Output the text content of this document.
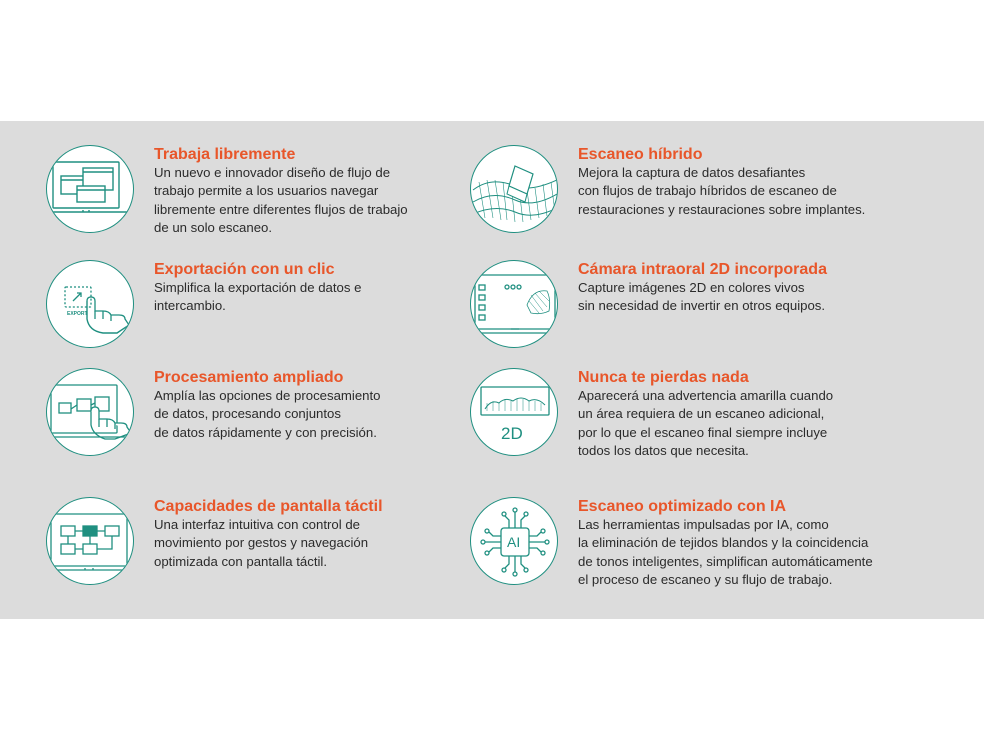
Trabaja libremente

Un nuevo e innovador diseño de flujo de
trabajo permite a los usuarios navegar
libremente entre diferentes flujos de trabajo
de un solo escaneo.

Escaneo híbrido

Mejora la captura de datos desafiantes
con flujos de trabajo híbridos de escaneo de
restauraciones y restauraciones sobre implantes.

EXPORT
Exportación con un clic

Simplifica la exportación de datos e
intercambio.

Cámara intraoral 2D incorporada

Capture imágenes 2D en colores vivos
sin necesidad de invertir en otros equipos.

Procesamiento ampliado

Amplía las opciones de procesamiento
de datos, procesando conjuntos
de datos rápidamente y con precisión.	2D
Nunca te pierdas nada

Aparecerá una advertencia amarilla cuando
un área requiera de un escaneo adicional,
por lo que el escaneo final siempre incluye
todos los datos que necesita.

Capacidades de pantalla táctil

Una interfaz intuitiva con control de
movimiento por gestos y navegación
optimizada con pantalla táctil.

AI
Escaneo optimizado con IA

Las herramientas impulsadas por IA, como
la eliminación de tejidos blandos y la coincidencia
de tonos inteligentes, simplifican automáticamente
el proceso de escaneo y su flujo de trabajo.
